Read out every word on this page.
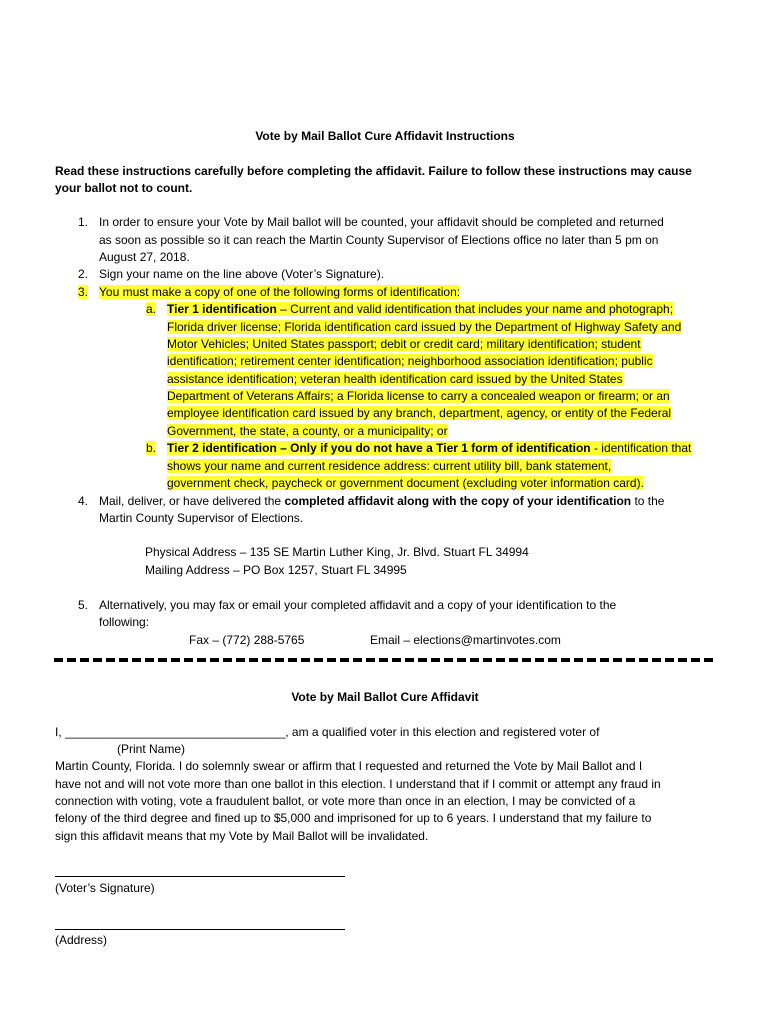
Vote by Mail Ballot Cure Affidavit Instructions
Read these instructions carefully before completing the affidavit. Failure to follow these instructions may cause
your ballot not to count.
1. In order to ensure your Vote by Mail ballot will be counted, your affidavit should be completed and returned
as soon as possible so it can reach the Martin County Supervisor of Elections office no later than 5 pm on
August 27, 2018.
2. Sign your name on the line above (Voter’s Signature).
3. You must make a copy of one of the following forms of identification:
a. Tier 1 identification – Current and valid identification that includes your name and photograph;
Florida driver license; Florida identification card issued by the Department of Highway Safety and
Motor Vehicles; United States passport; debit or credit card; military identification; student
identification; retirement center identification; neighborhood association identification; public
assistance identification; veteran health identification card issued by the United States
Department of Veterans Affairs; a Florida license to carry a concealed weapon or firearm; or an
employee identification card issued by any branch, department, agency, or entity of the Federal
Government, the state, a county, or a municipality; or
b. Tier 2 identification – Only if you do not have a Tier 1 form of identification - identification that
shows your name and current residence address: current utility bill, bank statement,
government check, paycheck or government document (excluding voter information card).
4. Mail, deliver, or have delivered the completed affidavit along with the copy of your identification to the
Martin County Supervisor of Elections.
Physical Address – 135 SE Martin Luther King, Jr. Blvd. Stuart FL 34994
Mailing Address – PO Box 1257, Stuart FL 34995
5. Alternatively, you may fax or email your completed affidavit and a copy of your identification to the
following:
Fax – (772) 288-5765	Email – elections@martinvotes.com
Vote by Mail Ballot Cure Affidavit
I, _________________________________, am a qualified voter in this election and registered voter of
(Print Name)
Martin County, Florida. I do solemnly swear or affirm that I requested and returned the Vote by Mail Ballot and I
have not and will not vote more than one ballot in this election. I understand that if I commit or attempt any fraud in
connection with voting, vote a fraudulent ballot, or vote more than once in an election, I may be convicted of a
felony of the third degree and fined up to $5,000 and imprisoned for up to 6 years. I understand that my failure to
sign this affidavit means that my Vote by Mail Ballot will be invalidated.
(Voter’s Signature)
(Address)
